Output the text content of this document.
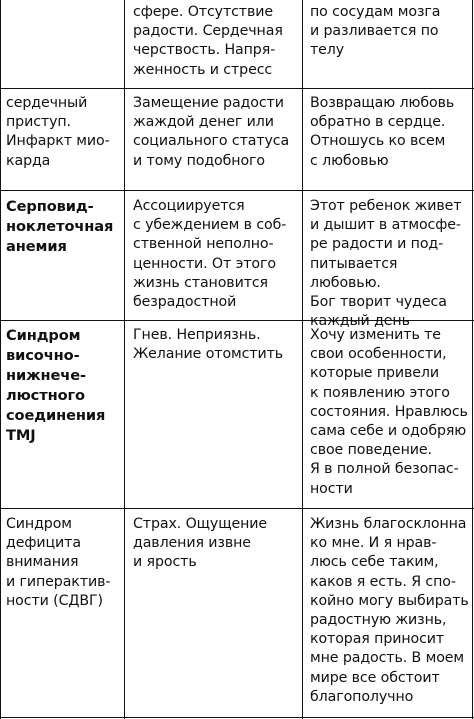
сфере. Отсутствие
радости. Сердечная
черствость. Напря-
женность и стресс
по сосудам мозга
и разливается по
телу
сердечный
приступ.
Инфаркт мио-
карда
Замещение радости
жаждой денег или
социального статуса
и тому подобного
Возвращаю любовь
обратно в сердце.
Отношусь ко всем
с любовью
Серповид-
ноклеточная
анемия
Ассоциируется
с убеждением в соб-
ственной неполно-
ценности. От этого
жизнь становится
безрадостной
Этот ребенок живет
и дышит в атмосфе-
ре радости и под-
питывается любовью.
Бог творит чудеса
каждый день
Синдром
височно-
нижнече-
люстного
соединения
TMJ
Гнев. Неприязнь.
Желание отомстить
Хочу изменить те
свои особенности,
которые привели
к появлению этого
состояния. Нравлюсь
сама себе и одобряю
свое поведение.
Я в полной безопас-
ности
Синдром
дефицита
внимания
и гиперактив-
ности (СДВГ)
Страх. Ощущение
давления извне
и ярость
Жизнь благосклонна
ко мне. И я нрав-
люсь себе таким,
каков я есть. Я спо-
койно могу выбирать
радостную жизнь,
которая приносит
мне радость. В моем
мире все обстоит
благополучно
